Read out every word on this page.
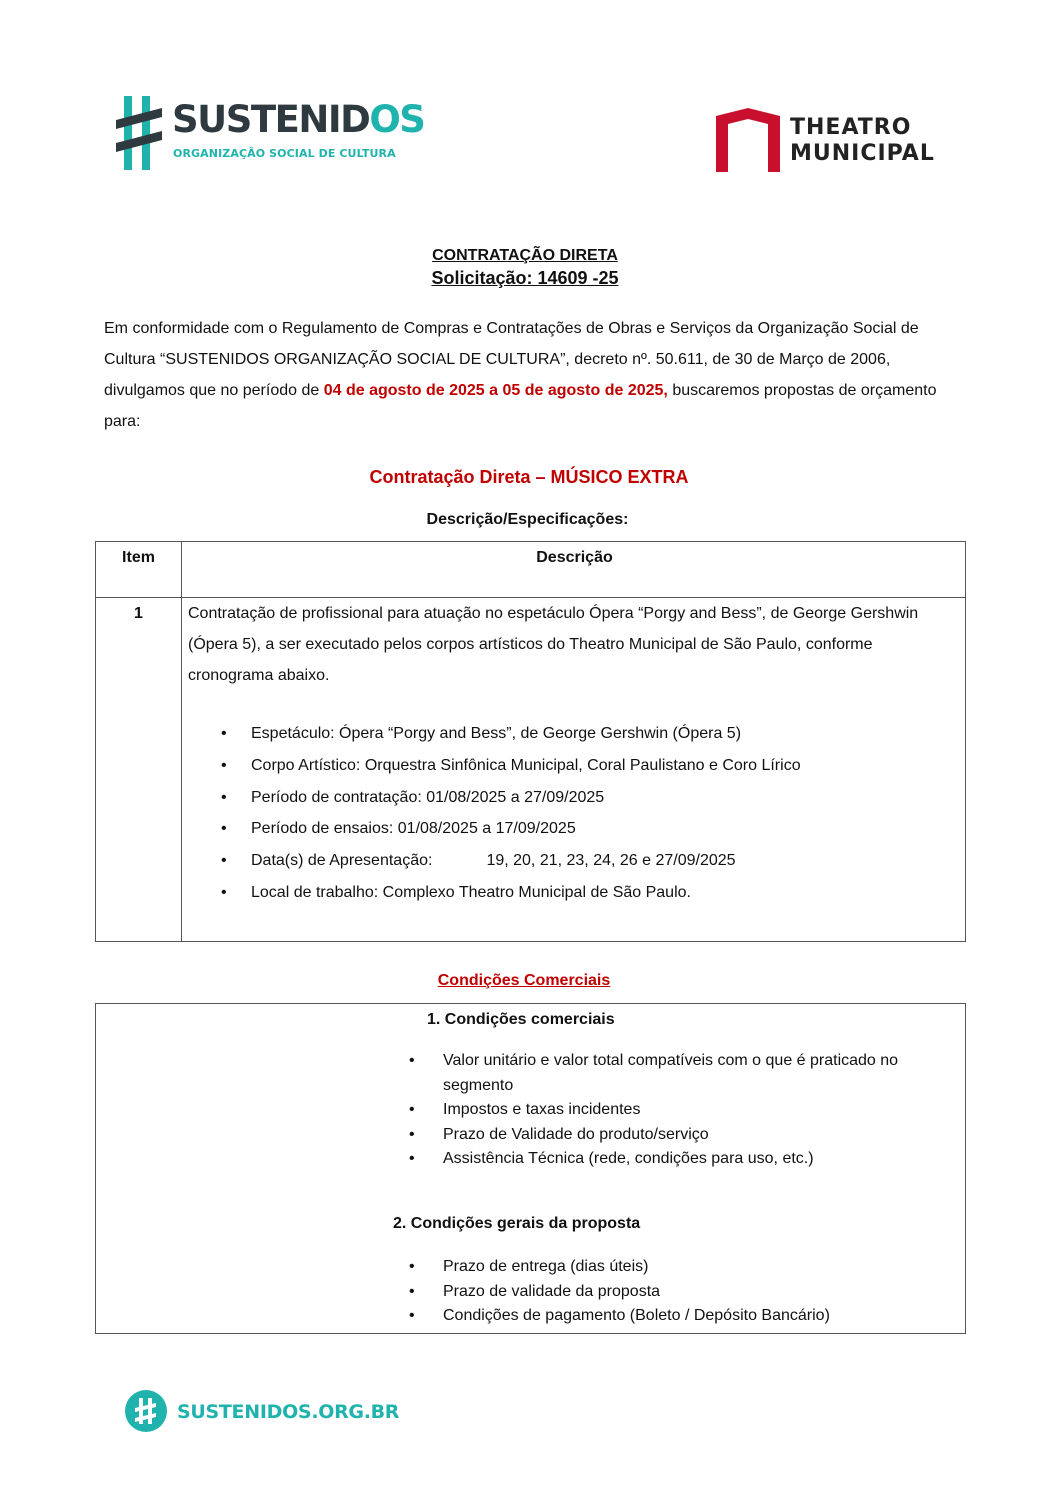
SUSTENIDOS
ORGANIZAÇÃO SOCIAL DE CULTURA
THEATRO
MUNICIPAL
CONTRATAÇÃO DIRETA
Solicitação: 14609 -25
Em conformidade com o Regulamento de Compras e Contratações de Obras e Serviços da Organização Social de Cultura “SUSTENIDOS ORGANIZAÇÃO SOCIAL DE CULTURA”, decreto nº. 50.611, de 30 de Março de 2006, divulgamos que no período de 04 de agosto de 2025 a 05 de agosto de 2025, buscaremos propostas de orçamento para:
Contratação Direta – MÚSICO EXTRA
Descrição/Especificações:
Item	Descrição
1	Contratação de profissional para atuação no espetáculo Ópera “Porgy and Bess”, de George Gershwin (Ópera 5), a ser executado pelos corpos artísticos do Theatro Municipal de São Paulo, conforme cronograma abaixo.
• Espetáculo: Ópera “Porgy and Bess”, de George Gershwin (Ópera 5)
• Corpo Artístico: Orquestra Sinfônica Municipal, Coral Paulistano e Coro Lírico
• Período de contratação: 01/08/2025 a 27/09/2025
• Período de ensaios: 01/08/2025 a 17/09/2025
• Data(s) de Apresentação:	19, 20, 21, 23, 24, 26 e 27/09/2025
• Local de trabalho: Complexo Theatro Municipal de São Paulo.
Condições Comerciais
1. Condições comerciais
• Valor unitário e valor total compatíveis com o que é praticado no segmento
• Impostos e taxas incidentes
• Prazo de Validade do produto/serviço
• Assistência Técnica (rede, condições para uso, etc.)
2. Condições gerais da proposta
• Prazo de entrega (dias úteis)
• Prazo de validade da proposta
• Condições de pagamento (Boleto / Depósito Bancário)
SUSTENIDOS.ORG.BR
